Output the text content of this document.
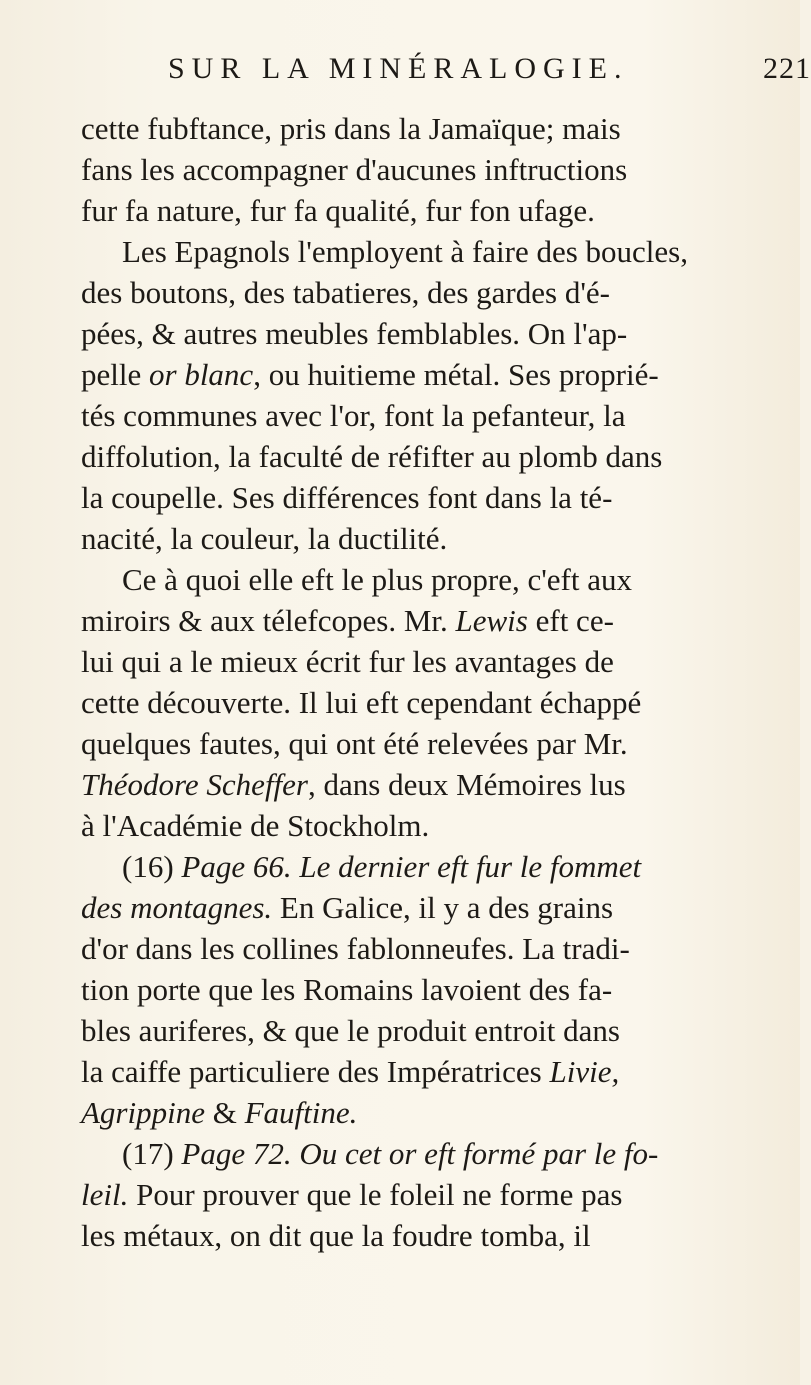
SUR LA MINÉRALOGIE.	221
cette fubftance, pris dans la Jamaïque; mais
fans les accompagner d'aucunes inftructions
fur fa nature, fur fa qualité, fur fon ufage.
Les Epagnols l'employent à faire des boucles,
des boutons, des tabatieres, des gardes d'é-
pées, & autres meubles femblables. On l'ap-
pelle or blanc, ou huitieme métal. Ses proprié-
tés communes avec l'or, font la pefanteur, la
diffolution, la faculté de réfifter au plomb dans
la coupelle. Ses différences font dans la té-
nacité, la couleur, la ductilité.
Ce à quoi elle eft le plus propre, c'eft aux
miroirs & aux télefcopes. Mr. Lewis eft ce-
lui qui a le mieux écrit fur les avantages de
cette découverte. Il lui eft cependant échappé
quelques fautes, qui ont été relevées par Mr.
Théodore Scheffer, dans deux Mémoires lus
à l'Académie de Stockholm.
(16) Page 66. Le dernier eft fur le fommet
des montagnes. En Galice, il y a des grains
d'or dans les collines fablonneufes. La tradi-
tion porte que les Romains lavoient des fa-
bles auriferes, & que le produit entroit dans
la caiffe particuliere des Impératrices Livie,
Agrippine & Fauftine.
(17) Page 72. Ou cet or eft formé par le fo-
leil. Pour prouver que le foleil ne forme pas
les métaux, on dit que la foudre tomba, il
